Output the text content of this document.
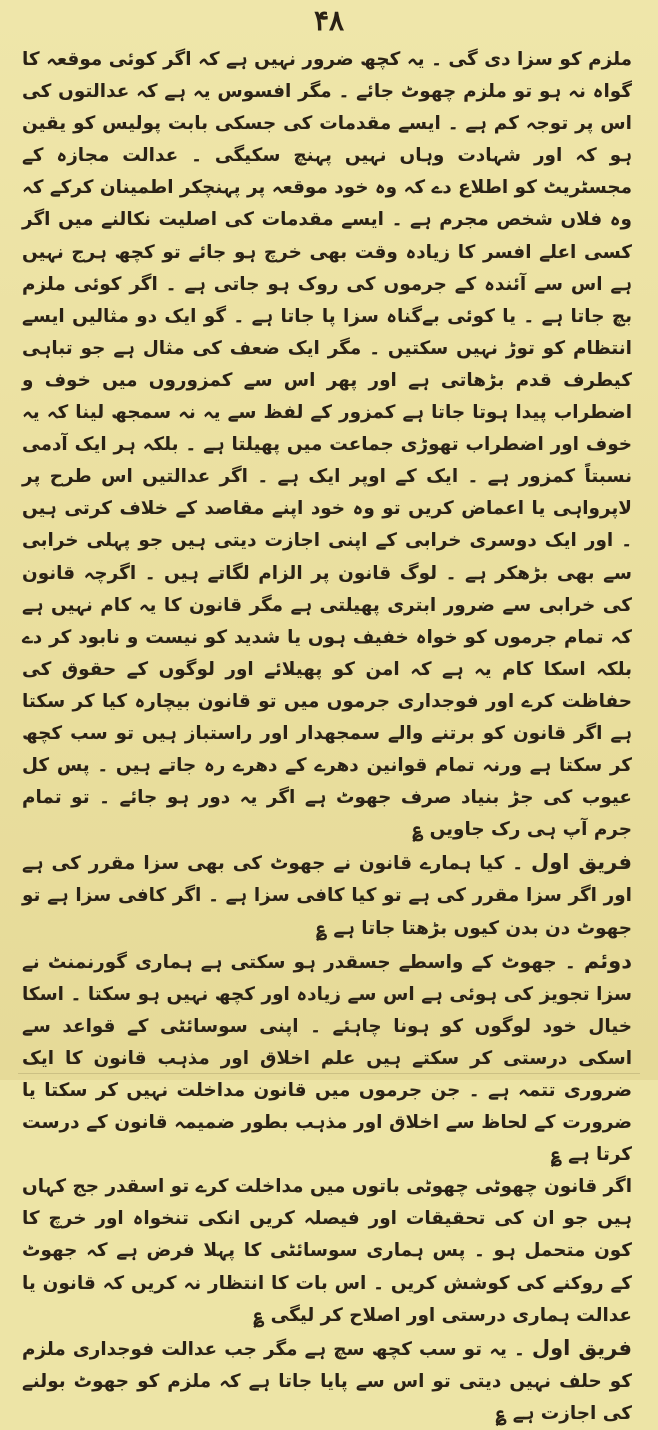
۴۸

ملزم کو سزا دی گی ۔ یہ کچھ ضرور نہیں ہے کہ اگر کوئی موقعہ کا گواہ نہ ہو تو ملزم چھوٹ جائے ۔ مگر افسوس یہ ہے کہ عدالتوں کی اس پر توجہ کم ہے ۔ ایسے مقدمات کی جسکی بابت پولیس کو یقین ہو کہ اور شہادت وہاں نہیں پہنچ سکیگی ۔ عدالت مجازہ کے مجسٹریٹ کو اطلاع دے کہ وہ خود موقعہ پر پہنچکر اطمینان کرکے کہ وہ فلاں شخص مجرم ہے ۔ ایسے مقدمات کی اصلیت نکالنے میں اگر کسی اعلے افسر کا زیادہ وقت بھی خرچ ہو جائے تو کچھ ہرج نہیں ہے اس سے آئندہ کے جرموں کی روک ہو جاتی ہے ۔ اگر کوئی ملزم بچ جاتا ہے ۔ یا کوئی بےگناہ سزا پا جاتا ہے ۔ گو ایک دو مثالیں ایسے انتظام کو توڑ نہیں سکتیں ۔ مگر ایک ضعف کی مثال ہے جو تباہی کیطرف قدم بڑھاتی ہے اور پھر اس سے کمزوروں میں خوف و اضطراب پیدا ہوتا جاتا ہے کمزور کے لفظ سے یہ نہ سمجھ لینا کہ یہ خوف اور اضطراب تھوڑی جماعت میں پھیلتا ہے ۔ بلکہ ہر ایک آدمی نسبتاً کمزور ہے ۔ ایک کے اوپر ایک ہے ۔ اگر عدالتیں اس طرح پر لاپرواہی یا اعماض کریں تو وہ خود اپنے مقاصد کے خلاف کرتی ہیں ۔ اور ایک دوسری خرابی کے اپنی اجازت دیتی ہیں جو پہلی خرابی سے بھی بڑھکر ہے ۔ لوگ قانون پر الزام لگاتے ہیں ۔ اگرچہ قانون کی خرابی سے ضرور ابتری پھیلتی ہے مگر قانون کا یہ کام نہیں ہے کہ تمام جرموں کو خواہ خفیف ہوں یا شدید کو نیست و نابود کر دے بلکہ اسکا کام یہ ہے کہ امن کو پھیلائے اور لوگوں کے حقوق کی حفاظت کرے اور فوجداری جرموں میں تو قانون بیچارہ کیا کر سکتا ہے اگر قانون کو برتنے والے سمجھدار اور راستباز ہیں تو سب کچھ کر سکتا ہے ورنہ تمام قوانین دھرے کے دھرے رہ جاتے ہیں ۔ پس کل عیوب کی جڑ بنیاد صرف جھوٹ ہے اگر یہ دور ہو جائے ۔ تو تمام جرم آپ ہی رک جاویں ؏

فریق اول ۔ کیا ہمارے قانون نے جھوٹ کی بھی سزا مقرر کی ہے اور اگر سزا مقرر کی ہے تو کیا کافی سزا ہے ۔ اگر کافی سزا ہے تو جھوٹ دن بدن کیوں بڑھتا جاتا ہے ؏

دوئم ۔ جھوٹ کے واسطے جسقدر ہو سکتی ہے ہماری گورنمنٹ نے سزا تجویز کی ہوئی ہے اس سے زیادہ اور کچھ نہیں ہو سکتا ۔ اسکا خیال خود لوگوں کو ہونا چاہئے ۔ اپنی سوسائٹی کے قواعد سے اسکی درستی کر سکتے ہیں علم اخلاق اور مذہب قانون کا ایک ضروری تتمہ ہے ۔ جن جرموں میں قانون مداخلت نہیں کر سکتا یا ضرورت کے لحاظ سے اخلاق اور مذہب بطور ضمیمہ قانون کے درست کرتا ہے ؏

اگر قانون چھوٹی چھوٹی باتوں میں مداخلت کرے تو اسقدر جج کہاں ہیں جو ان کی تحقیقات اور فیصلہ کریں انکی تنخواہ اور خرچ کا کون متحمل ہو ۔ پس ہماری سوسائٹی کا پہلا فرض ہے کہ جھوٹ کے روکنے کی کوشش کریں ۔ اس بات کا انتظار نہ کریں کہ قانون یا عدالت ہماری درستی اور اصلاح کر لیگی ؏

فریق اول ۔ یہ تو سب کچھ سچ ہے مگر جب عدالت فوجداری ملزم کو حلف نہیں دیتی تو اس سے پایا جاتا ہے کہ ملزم کو جھوٹ بولنے کی اجازت ہے ؏
